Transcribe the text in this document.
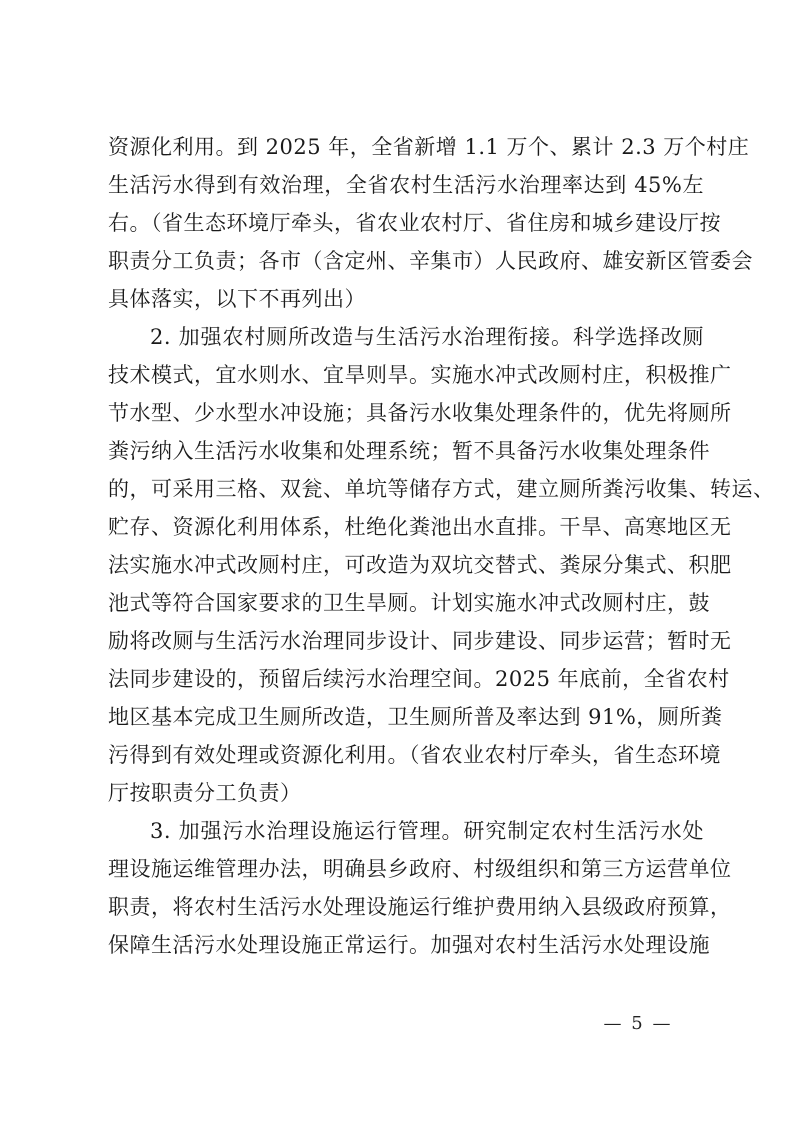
资源化利用。到 2025 年，全省新增 1.1 万个、累计 2.3 万个村庄
生活污水得到有效治理，全省农村生活污水治理率达到 45%左
右。（省生态环境厅牵头，省农业农村厅、省住房和城乡建设厅按
职责分工负责；各市（含定州、辛集市）人民政府、雄安新区管委会
具体落实，以下不再列出）
2. 加强农村厕所改造与生活污水治理衔接。科学选择改厕
技术模式，宜水则水、宜旱则旱。实施水冲式改厕村庄，积极推广
节水型、少水型水冲设施；具备污水收集处理条件的，优先将厕所
粪污纳入生活污水收集和处理系统；暂不具备污水收集处理条件
的，可采用三格、双瓮、单坑等储存方式，建立厕所粪污收集、转运、
贮存、资源化利用体系，杜绝化粪池出水直排。干旱、高寒地区无
法实施水冲式改厕村庄，可改造为双坑交替式、粪尿分集式、积肥
池式等符合国家要求的卫生旱厕。计划实施水冲式改厕村庄，鼓
励将改厕与生活污水治理同步设计、同步建设、同步运营；暂时无
法同步建设的，预留后续污水治理空间。2025 年底前，全省农村
地区基本完成卫生厕所改造，卫生厕所普及率达到 91%，厕所粪
污得到有效处理或资源化利用。（省农业农村厅牵头，省生态环境
厅按职责分工负责）
3. 加强污水治理设施运行管理。研究制定农村生活污水处
理设施运维管理办法，明确县乡政府、村级组织和第三方运营单位
职责，将农村生活污水处理设施运行维护费用纳入县级政府预算，
保障生活污水处理设施正常运行。加强对农村生活污水处理设施
— 5 —
